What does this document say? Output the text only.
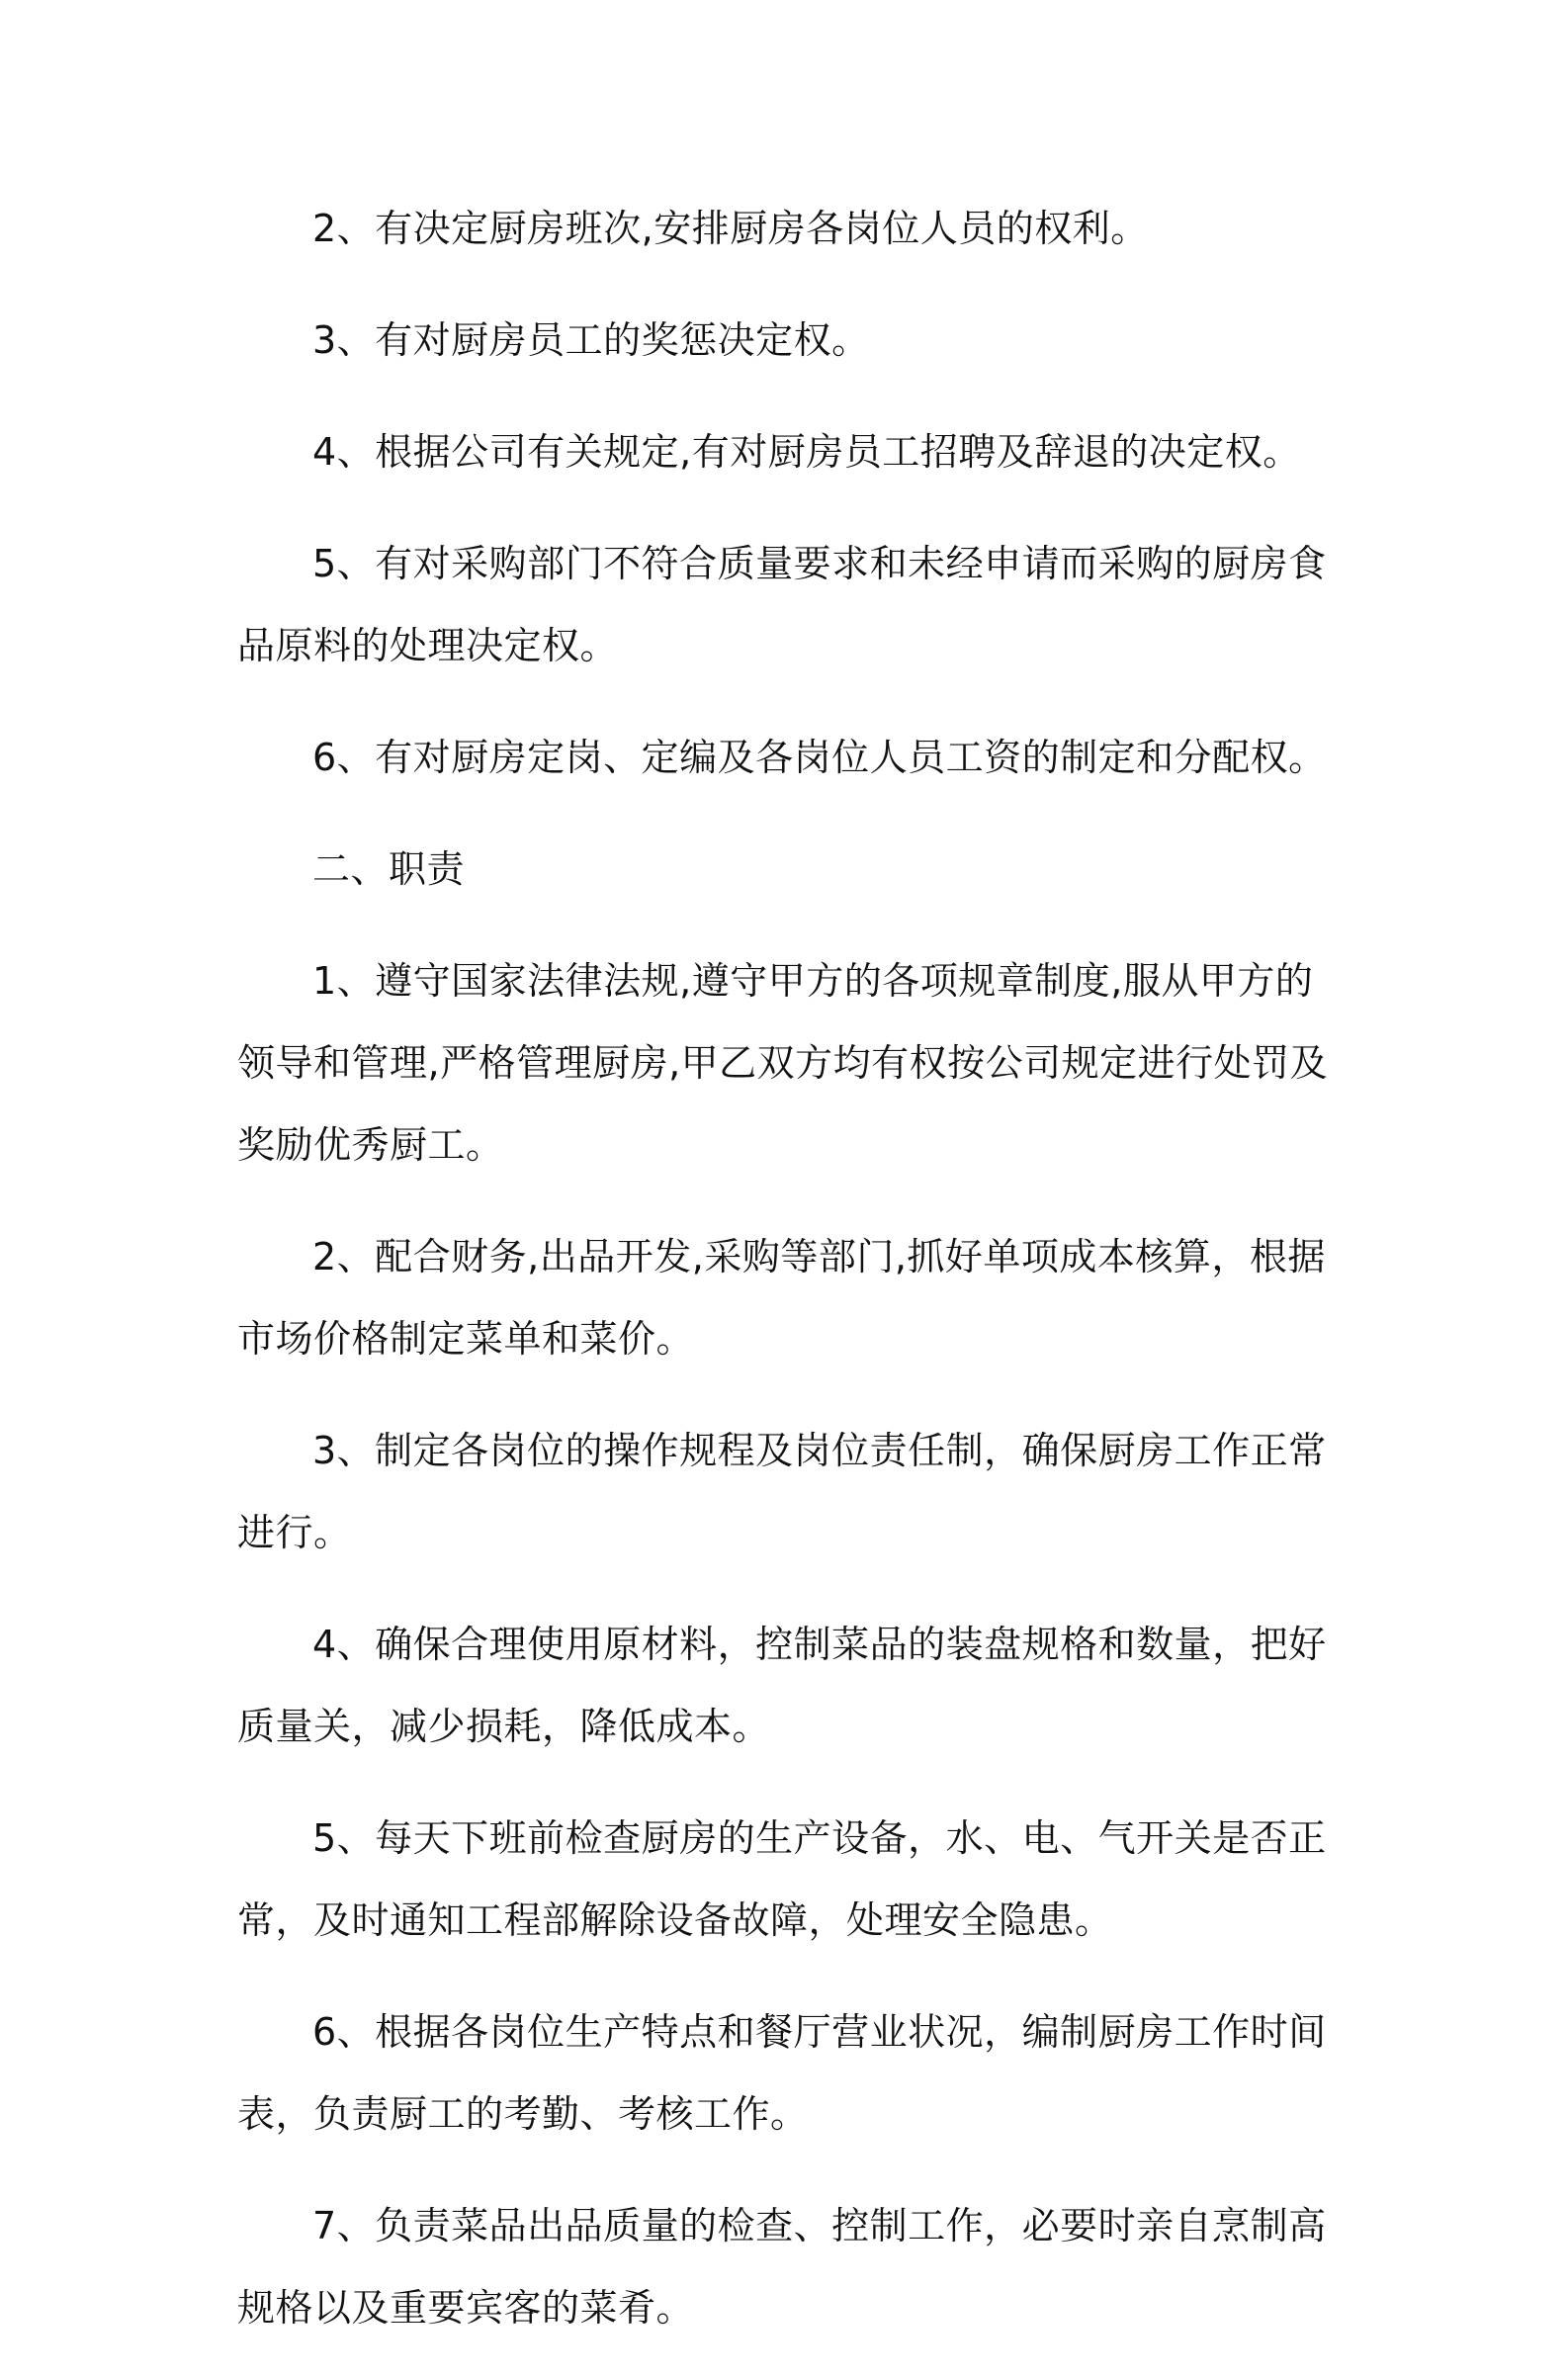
2、有决定厨房班次,安排厨房各岗位人员的权利。

3、有对厨房员工的奖惩决定权。

4、根据公司有关规定,有对厨房员工招聘及辞退的决定权。

5、有对采购部门不符合质量要求和未经申请而采购的厨房食品原料的处理决定权。

6、有对厨房定岗、定编及各岗位人员工资的制定和分配权。

二、职责

1、遵守国家法律法规,遵守甲方的各项规章制度,服从甲方的领导和管理,严格管理厨房,甲乙双方均有权按公司规定进行处罚及奖励优秀厨工。

2、配合财务,出品开发,采购等部门,抓好单项成本核算，根据市场价格制定菜单和菜价。

3、制定各岗位的操作规程及岗位责任制，确保厨房工作正常进行。

4、确保合理使用原材料，控制菜品的装盘规格和数量，把好质量关，减少损耗，降低成本。

5、每天下班前检查厨房的生产设备，水、电、气开关是否正常，及时通知工程部解除设备故障，处理安全隐患。

6、根据各岗位生产特点和餐厅营业状况，编制厨房工作时间表，负责厨工的考勤、考核工作。

7、负责菜品出品质量的检查、控制工作，必要时亲自烹制高规格以及重要宾客的菜肴。
